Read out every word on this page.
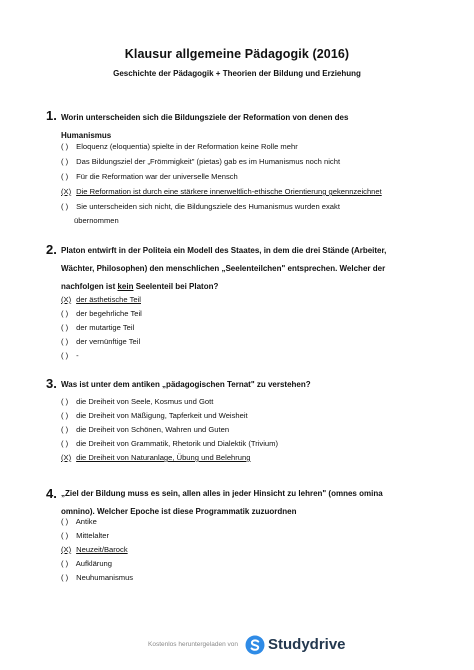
Klausur allgemeine Pädagogik (2016)
Geschichte der Pädagogik + Theorien der Bildung und Erziehung
1. Worin unterscheiden sich die Bildungsziele der Reformation von denen des
Humanismus
( ) Eloquenz (eloquentia) spielte in der Reformation keine Rolle mehr
( ) Das Bildungsziel der „Frömmigkeit" (pietas) gab es im Humanismus noch nicht
( ) Für die Reformation war der universelle Mensch
(X) Die Reformation ist durch eine stärkere innerweltlich-ethische Orientierung gekennzeichnet
( ) Sie unterscheiden sich nicht, die Bildungsziele des Humanismus wurden exakt
übernommen
2. Platon entwirft in der Politeia ein Modell des Staates, in dem die drei Stände (Arbeiter,
Wächter, Philosophen) den menschlichen „Seelenteilchen" entsprechen. Welcher der
nachfolgen ist kein Seelenteil bei Platon?
(X) der ästhetische Teil
( ) der begehrliche Teil
( ) der mutartige Teil
( ) der vernünftige Teil
( ) -
3. Was ist unter dem antiken „pädagogischen Ternat" zu verstehen?
( ) die Dreiheit von Seele, Kosmus und Gott
( ) die Dreiheit von Mäßigung, Tapferkeit und Weisheit
( ) die Dreiheit von Schönen, Wahren und Guten
( ) die Dreiheit von Grammatik, Rhetorik und Dialektik (Trivium)
(X) die Dreiheit von Naturanlage, Übung und Belehrung
4. „Ziel der Bildung muss es sein, allen alles in jeder Hinsicht zu lehren" (omnes omina
omnino). Welcher Epoche ist diese Programmatik zuzuordnen
( ) Antike
( ) Mittelalter
(X) Neuzeit/Barock
( ) Aufklärung
( ) Neuhumanismus
Kostenlos heruntergeladen von Studydrive
